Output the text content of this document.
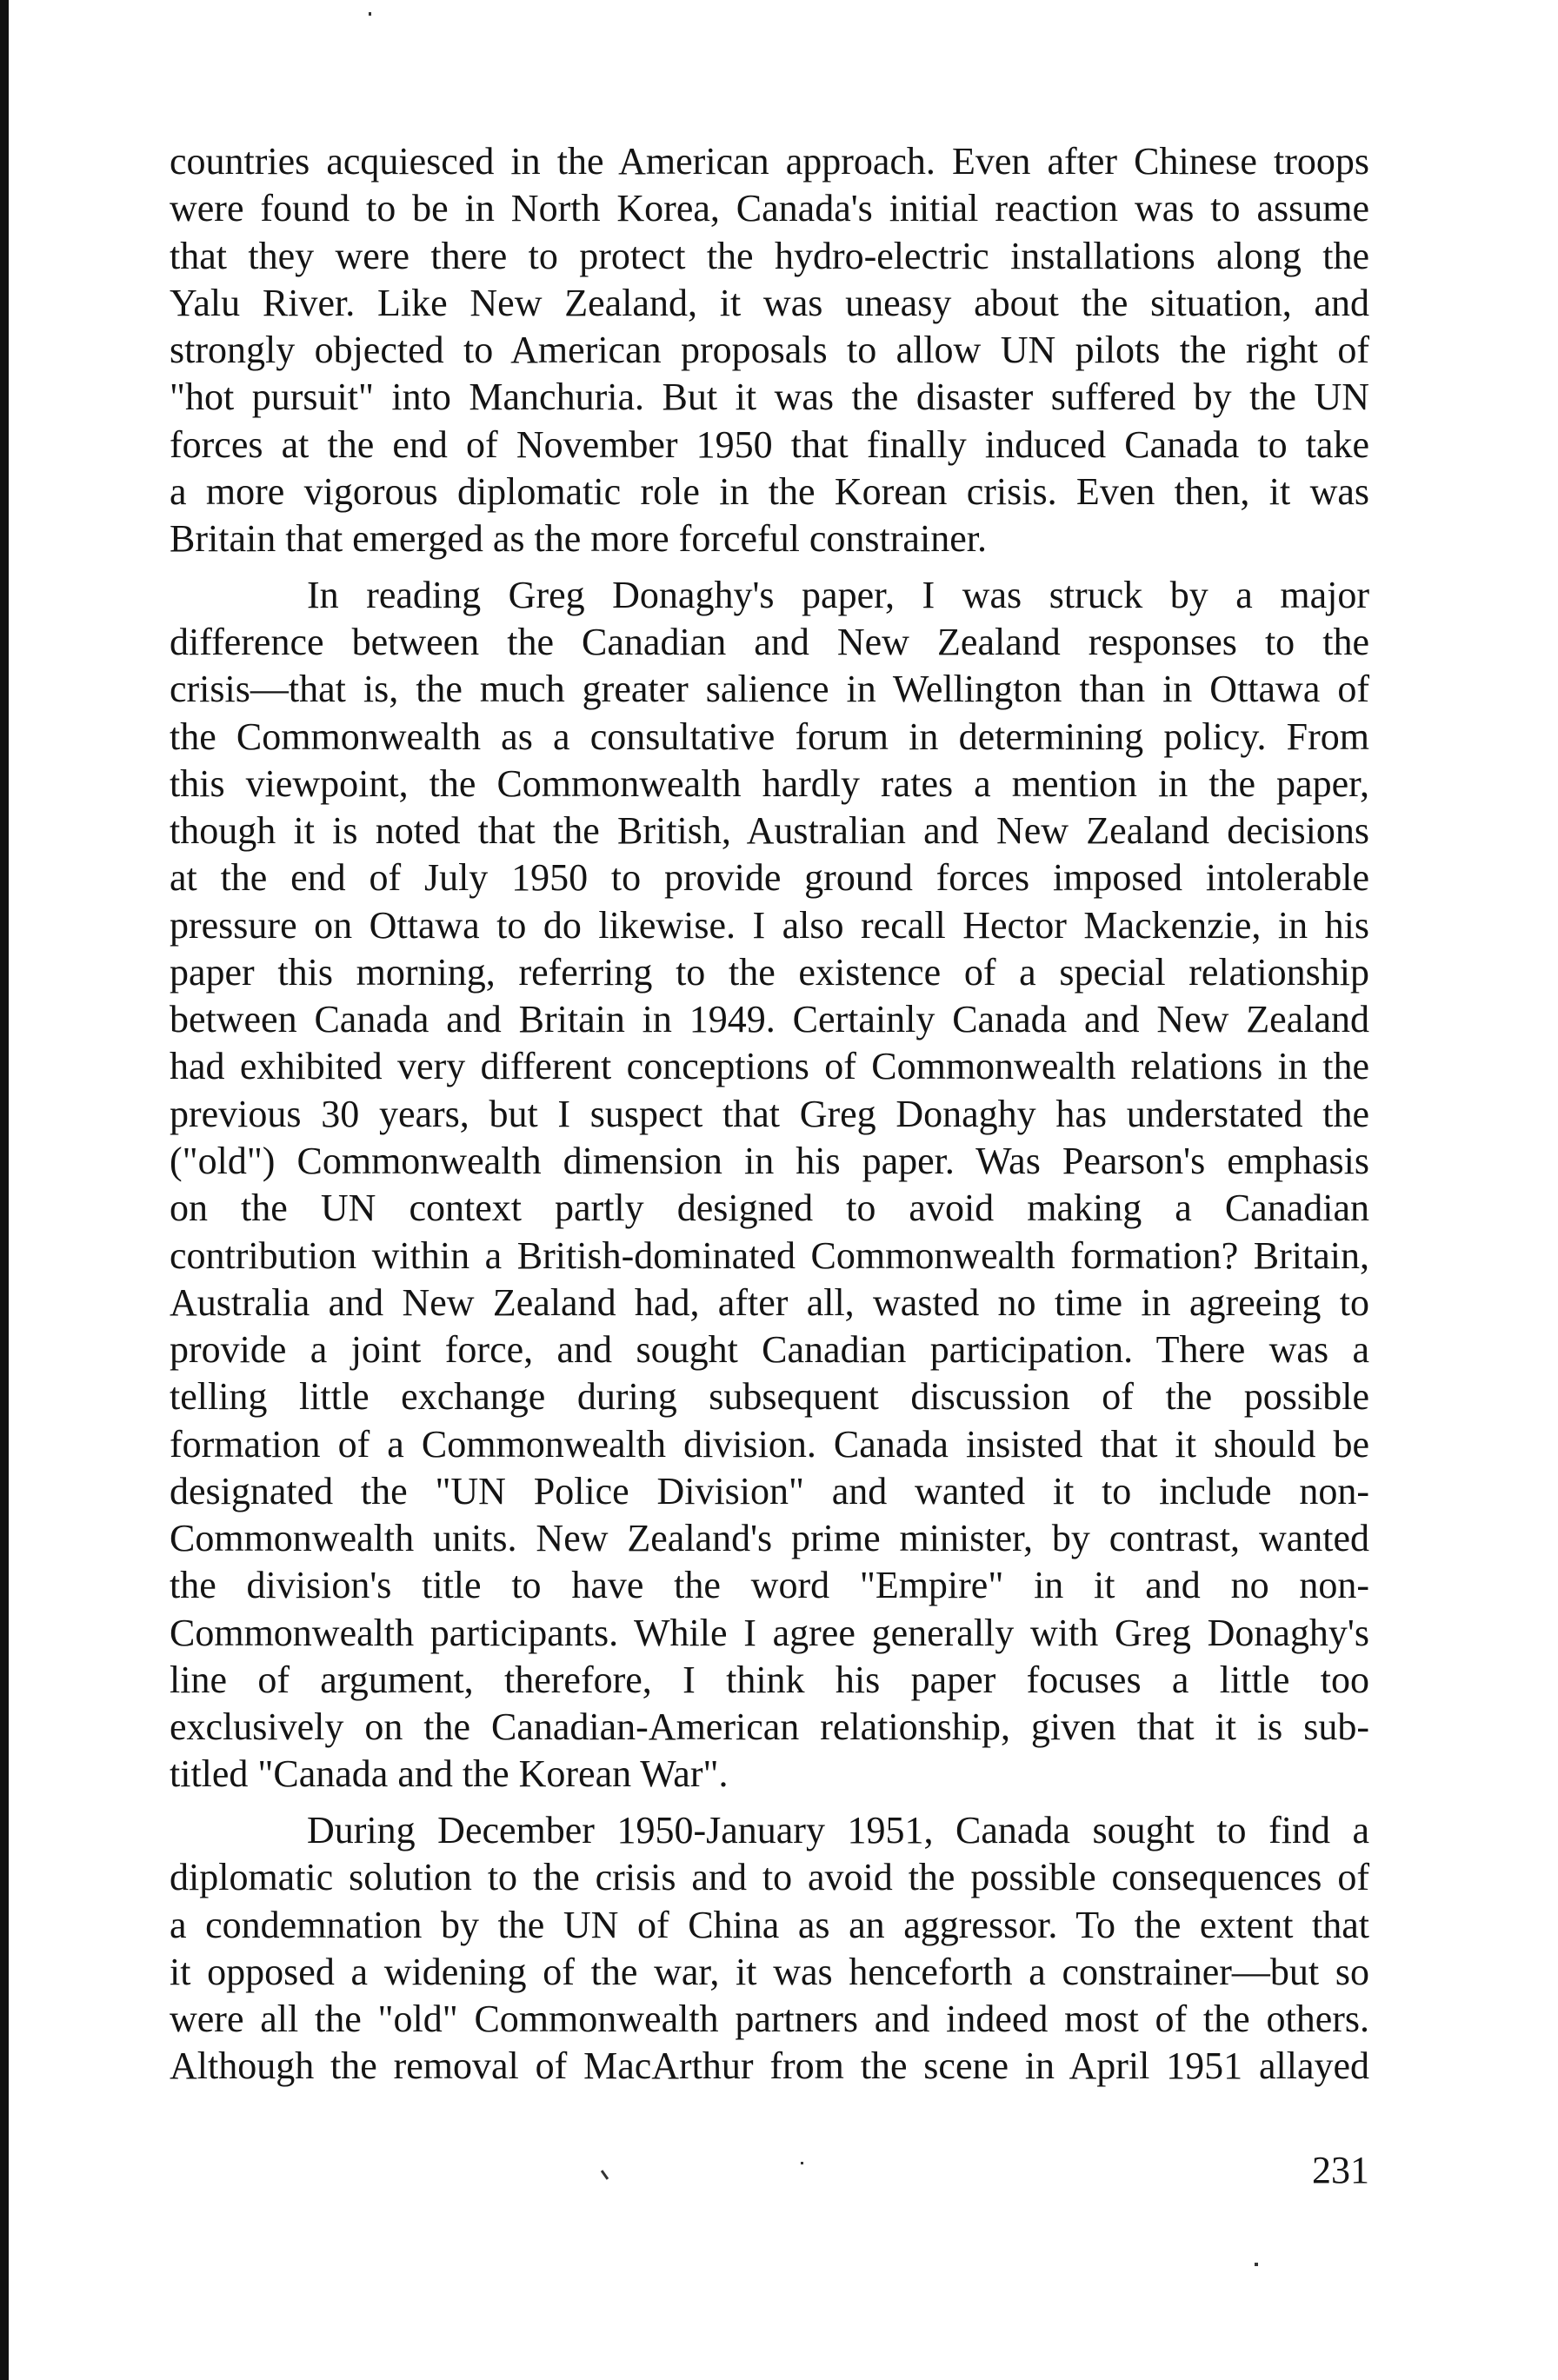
countries acquiesced in the American approach. Even after Chinese troops
were found to be in North Korea, Canada's initial reaction was to assume
that they were there to protect the hydro-electric installations along the
Yalu River. Like New Zealand, it was uneasy about the situation, and
strongly objected to American proposals to allow UN pilots the right of
"hot pursuit" into Manchuria. But it was the disaster suffered by the UN
forces at the end of November 1950 that finally induced Canada to take
a more vigorous diplomatic role in the Korean crisis. Even then, it was
Britain that emerged as the more forceful constrainer.
In reading Greg Donaghy's paper, I was struck by a major
difference between the Canadian and New Zealand responses to the
crisis—that is, the much greater salience in Wellington than in Ottawa of
the Commonwealth as a consultative forum in determining policy. From
this viewpoint, the Commonwealth hardly rates a mention in the paper,
though it is noted that the British, Australian and New Zealand decisions
at the end of July 1950 to provide ground forces imposed intolerable
pressure on Ottawa to do likewise. I also recall Hector Mackenzie, in his
paper this morning, referring to the existence of a special relationship
between Canada and Britain in 1949. Certainly Canada and New Zealand
had exhibited very different conceptions of Commonwealth relations in the
previous 30 years, but I suspect that Greg Donaghy has understated the
("old") Commonwealth dimension in his paper. Was Pearson's emphasis
on the UN context partly designed to avoid making a Canadian
contribution within a British-dominated Commonwealth formation? Britain,
Australia and New Zealand had, after all, wasted no time in agreeing to
provide a joint force, and sought Canadian participation. There was a
telling little exchange during subsequent discussion of the possible
formation of a Commonwealth division. Canada insisted that it should be
designated the "UN Police Division" and wanted it to include non-
Commonwealth units. New Zealand's prime minister, by contrast, wanted
the division's title to have the word "Empire" in it and no non-
Commonwealth participants. While I agree generally with Greg Donaghy's
line of argument, therefore, I think his paper focuses a little too
exclusively on the Canadian-American relationship, given that it is sub-
titled "Canada and the Korean War".
During December 1950-January 1951, Canada sought to find a
diplomatic solution to the crisis and to avoid the possible consequences of
a condemnation by the UN of China as an aggressor. To the extent that
it opposed a widening of the war, it was henceforth a constrainer—but so
were all the "old" Commonwealth partners and indeed most of the others.
Although the removal of MacArthur from the scene in April 1951 allayed
231
